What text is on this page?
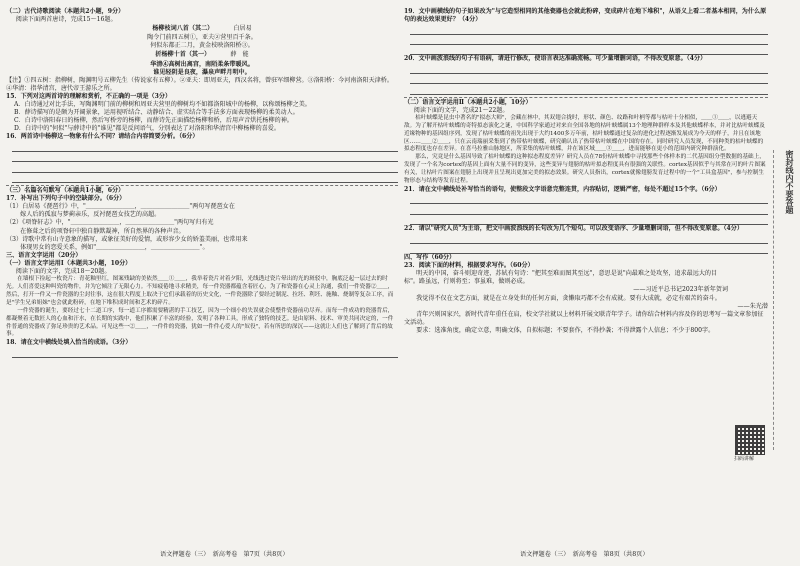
（二）古代诗歌阅读（本题共2小题，9分）

阅读下面两首唐诗，完成15～16题。

杨柳枝词八首（其二）	白居易

陶令门前四五树①，亚夫②营里百千条。

何似东都正二月，黄金枝映洛阳桥③。

折杨柳十首（其一）	薛　能

华清④高树出离宫，南陌柔条带暖风。

谁见轻阴是良夜，瀑泉声畔月明中。

【注】①四五树：指柳树，陶渊明号五柳先生（传说家有五柳）。②亚夫：即周亚夫，西汉名将，曾驻军细柳营。③洛阳桥：今河南洛阳天津桥。④华清：指华清宫，唐代帝王游乐之所。

15．下列对这两首诗的理解和赏析，不正确的一项是（3分）

A．白诗通过对比手法，写陶渊明门前的柳树和周亚夫营里的柳树均不如都洛阳城中的杨柳，以称颂杨柳之美。

B．薛诗描写的是颇为开阔景象，运用视听结合、动静结合、虚实结合等手法多方面表现杨柳的柔美动人。

C．白诗中洛阳春日的杨柳，然后写桥旁的杨柳，而薛诗先正面描绘杨柳和桥，后用声音烘托杨柳的神。

D．白诗中的"何似"与薛诗中的"谁见"都是反问语气，分别表达了对洛阳和华清宫中柳杨柳的喜爱。

16．两首诗中杨柳这一物象有什么不同？请结合内容简要分析。（6分）

（三）名篇名句默写（本题共1小题，6分）

17．补写出下列句子中的空缺部分。（6分）

（1）白居易《琵琶行》中，"＿＿＿＿＿＿＿＿，＿＿＿＿＿＿＿＿"两句写琵琶女在

　　 嫁人后的孤寂与梦蓟亲乐，反衬琵琶女技艺的高超。

（2）《项脊轩志》中，"＿＿＿＿＿＿＿＿，＿＿＿＿＿＿＿＿"两句写归有光

　　 在修葺之后的项脊轩中独自静默凝神，所自然界的各种声音。

（3）诗歌中常有山寺意象的描写，或象征美好的爱情，或形容少女的娇羞美丽，也常用来

　　 体现男女的恋爱关系，例如"＿＿＿＿＿＿＿＿，＿＿＿＿＿＿＿＿"。

三、语言文字运用（20分）

（一）语言文字运用Ⅰ（本题共3小题，10分）

阅读下面的文字，完成18～20题。

　　在墙根下捡起一枚瓷片：青花釉里红，图案残缺的美依然＿＿①＿＿，我举着瓷片对着夕阳，光线透过瓷片晕出的光的斑驳中，胸底泛起一层过去的时光。人们喜爱这种叫瓷的物件，并为它倾注了无限心力。不知疲倦地寻求精美，每一件瓷器都蕴含着匠心，为了和瓷器在心灵上沟通，我们一件瓷器②＿＿，然后，打开一件又一件瓷器的尘封往事，这在很大程度上取决于它们承载着的历史文化，一件瓷器除了要经过制泥、拉坯、利坯、施釉、烧制等复杂工序，而是"学生兄弟姐妹"也会就此粉碎，在地下堆积成时间和艺术的碎片。

　　一件瓷器的诞生，要经过七十二道工序，每一道工序都需要精湛的手工技艺，因为一个细小的失误就会使整件瓷器前功尽弃。而每一件成功的瓷器背后，都凝聚着无数匠人的心血和汗水，在长期的实践中，他们积累了丰富的经验，发明了各种工具，形成了独特的技艺。是由原料、技术、审美共同决定的，一件件普通的瓷器成了弥足珍贵的艺术品。可见这些一②＿＿，一件件的瓷器，犹如一件件心爱人的"奴役"，若有所思的深沉——这就让人们也了解到了背后的故事。

18．请在文中横线处填入恰当的成语。（3分）

语文押题卷（三）　新高考卷　第7页（共8页）

19．文中画横线的句子如果改为"与它造型相同的其他瓷器也会就此粉碎，变成碎片在地下堆积"，从语义上看二者基本相同，为什么原句的表达效果更好？（4分）

20．文中画波浪线的句子有语病，请进行修改，使语言表达准确流畅。可少量增删词语，不得改变原意。（4分）

（二）语言文字运用Ⅱ（本题共2小题，10分）

阅读下面的文字，完成21～22题。

　　枯叶蛱蝶是昆虫中著名的"拟态大师"，会藏在林中，其双翅合拢时，形状、颜色、纹路和叶柄等都与枯叶十分相似，＿＿①＿＿，以逃避天敌。为了解开枯叶蛱蝶的奇特拟态演化之谜，中国科学家通过对来自全国各地的枯叶蛱蝶属13个地理种群样本及其他蛱蝶样本，并对比枯叶蛱蝶及近缘物种的基因组序列，发现了枯叶蛱蝶的祖先出现于大约1400多万年前，枯叶蛱蝶通过复杂的进化过程逐渐发展成为今天的样子，并且在该地区……＿＿②＿＿，只在云南瑞丽采集到了热带枯叶蛱蝶，研究确认出了热带枯叶蛱蝶在中国的存在。同时研究人员发现，不同种类的枯叶蛱蝶的拟态程度也存在差异。在喜马拉雅山脉地区，所采集的枯叶蛱蝶，并在该区域＿＿③＿＿，进而能够在更小的范围内研究种群演化。

　　那么，究竟是什么基因导致了枯叶蛱蝶的这种拟态程度差异？研究人员在78份枯叶蛱蝶中寻找那些个体样本的二代基因组分型数据的基础上，发现了一个名为cortex的基因上面有大量不同的变异，这些变异与翅膀的枯叶拟态程度具有很强的关联性。cortex基因似乎与其常在可的叶片图案有关，让枯叶片图案在翅膀上出现并且呈现出更加完美的拟态效果。研究人员指出，cortex就像翅膀发育过程中的一个"工具盒基因"，参与控制生物形态与结构等发育过程。

21．请在文中横线处补写恰当的语句，使整段文字语意完整连贯，内容贴切，逻辑严密，每处不超过15个字。（6分）

22．请以"研究人员"为主语，把文中画波浪线的长句改为几个短句。可以改变语序、少量增删词语，但不得改变原意。（4分）

四、写作（60分）

23．阅读下面的材料，根据要求写作。（60分）

　　明天的中国，奋斗则迎奇迹，苏轼有句诗："把其至难而图其至远"，意思是说"向最难之处攻坚，追求最远大的目标"。路虽远，行则将至；事虽难，做则必成。

——习近平总书记2023年新年贺词

　　我觉得不仅在文艺方面，就是在立身处世的任何方面，贪懒取巧都不会有成就。要有大成就，必定有艰苦的奋斗。

——朱光潜

　　青年兴则国家兴，新时代青年重任在肩，校文学社就以上材料开展文联青年学子。请你结合材料内容及你的思考写一篇文章参加征文活动。

　　要求：选准角度，确定立意，明确文体，自拟标题；不要套作，不得抄袭；不得泄露个人信息；不少于800字。

扫码讲解
语文押题卷（三）　新高考卷　第8页（共8页）
密
封
线
内
不
要
答
题
